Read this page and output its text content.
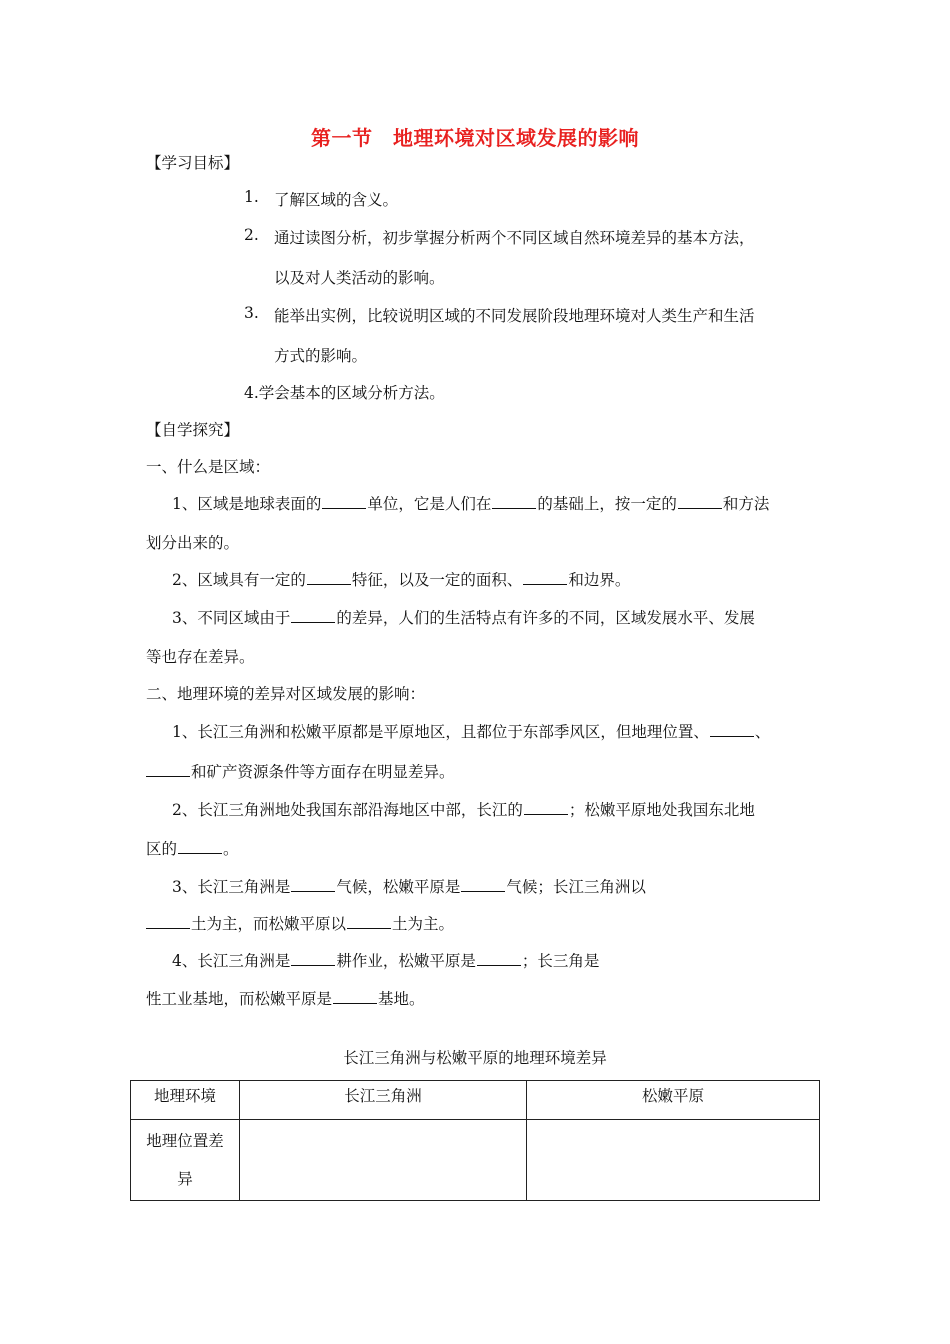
第一节　地理环境对区域发展的影响
【学习目标】
1. 了解区域的含义。
2. 通过读图分析，初步掌握分析两个不同区域自然环境差异的基本方法，
以及对人类活动的影响。
3. 能举出实例，比较说明区域的不同发展阶段地理环境对人类生产和生活
方式的影响。
4.学会基本的区域分析方法。
【自学探究】
一、什么是区域：
1、区域是地球表面的	单位，它是人们在	的基础上，按一定的	和方法
划分出来的。
2、区域具有一定的	特征，以及一定的面积、	和边界。
3、不同区域由于	的差异，人们的生活特点有许多的不同，区域发展水平、发展
等也存在差异。
二、地理环境的差异对区域发展的影响：
1、长江三角洲和松嫩平原都是平原地区，且都位于东部季风区，但地理位置、	、
和矿产资源条件等方面存在明显差异。
2、长江三角洲地处我国东部沿海地区中部，长江的	；松嫩平原地处我国东北地
区的	。
3、长江三角洲是	气候，松嫩平原是	气候；长江三角洲以
土为主，而松嫩平原以	土为主。
4、长江三角洲是	耕作业，松嫩平原是	；长三角是
性工业基地，而松嫩平原是	基地。
长江三角洲与松嫩平原的地理环境差异
地理环境	长江三角洲	松嫩平原

地理位置差
异		
